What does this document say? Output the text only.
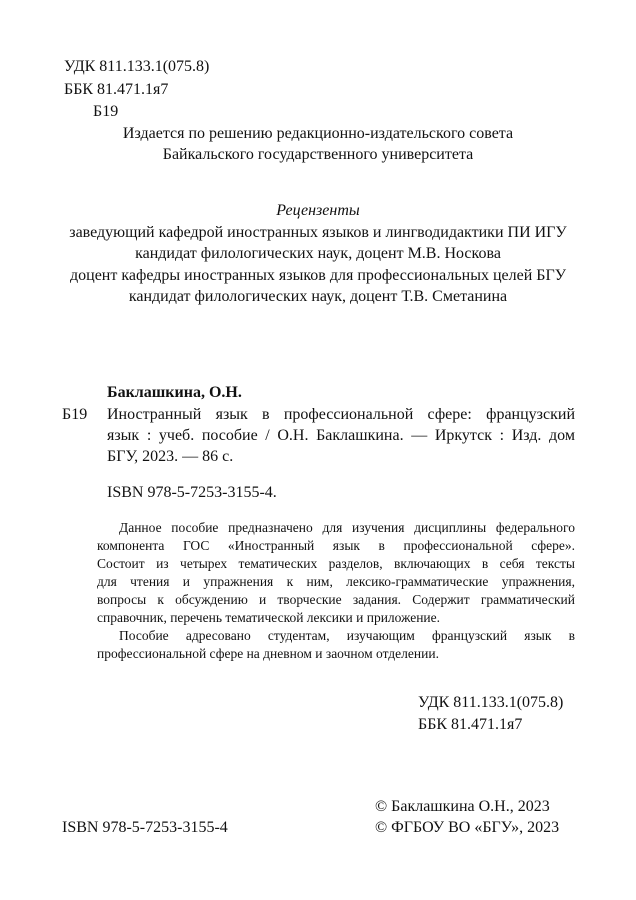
УДК 811.133.1(075.8)
ББК 81.471.1я7
Б19
Издается по решению редакционно-издательского совета
Байкальского государственного университета
Рецензенты
заведующий кафедрой иностранных языков и лингводидактики ПИ ИГУ
кандидат филологических наук, доцент М.В. Носкова
доцент кафедры иностранных языков для профессиональных целей БГУ
кандидат филологических наук, доцент Т.В. Сметанина
Баклашкина, О.Н.
Б19 Иностранный язык в профессиональной сфере: французский
язык : учеб. пособие / О.Н. Баклашкина. — Иркутск : Изд. дом
БГУ, 2023. — 86 с.
ISBN 978-5-7253-3155-4.
Данное пособие предназначено для изучения дисциплины федерального
компонента ГОС «Иностранный язык в профессиональной сфере».
Состоит из четырех тематических разделов, включающих в себя тексты
для чтения и упражнения к ним, лексико-грамматические упражнения,
вопросы к обсуждению и творческие задания. Содержит грамматический
справочник, перечень тематической лексики и приложение.
Пособие адресовано студентам, изучающим французский язык в
профессиональной сфере на дневном и заочном отделении.
УДК 811.133.1(075.8)
ББК 81.471.1я7
© Баклашкина О.Н., 2023
ISBN 978-5-7253-3155-4	© ФГБОУ ВО «БГУ», 2023
